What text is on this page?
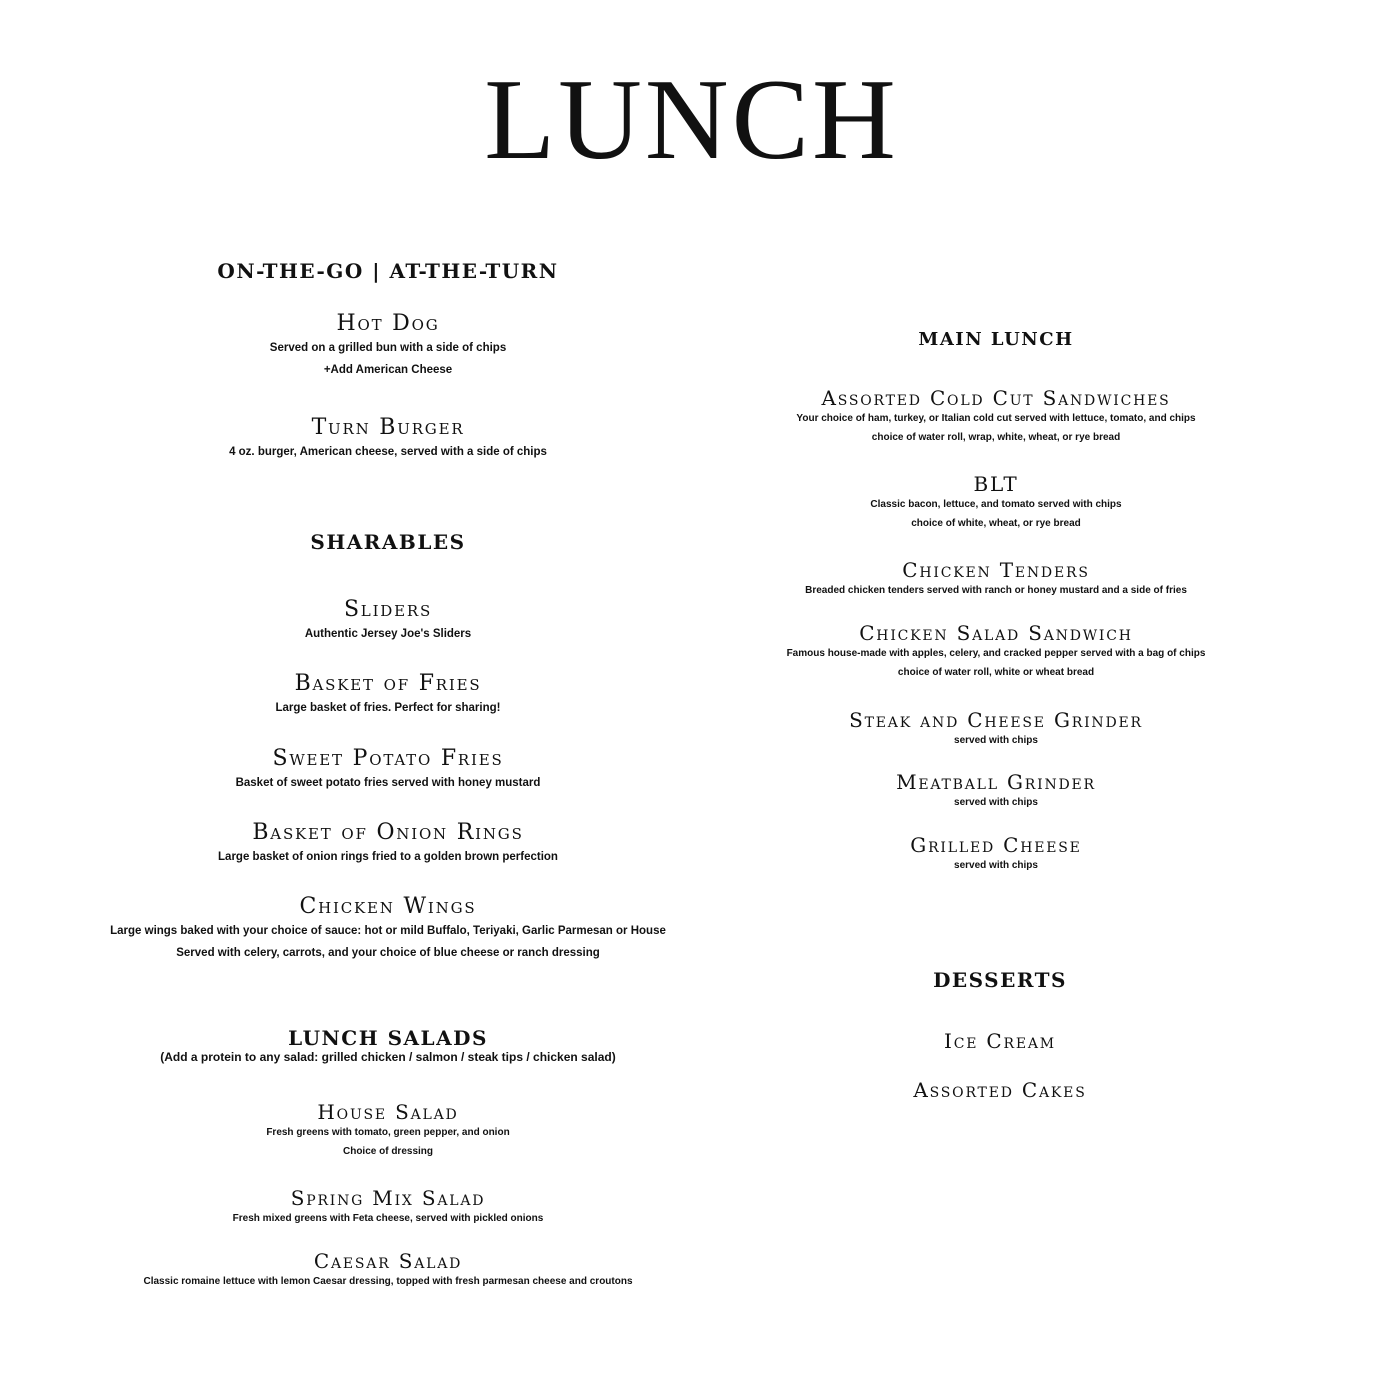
LUNCH
ON-THE-GO | AT-THE-TURN
Hot Dog
Served on a grilled bun with a side of chips
+Add American Cheese
Turn Burger
4 oz. burger, American cheese, served with a side of chips
SHARABLES
Sliders
Authentic Jersey Joe's Sliders
Basket of Fries
Large basket of fries. Perfect for sharing!
Sweet Potato Fries
Basket of sweet potato fries served with honey mustard
Basket of Onion Rings
Large basket of onion rings fried to a golden brown perfection
Chicken Wings
Large wings baked with your choice of sauce: hot or mild Buffalo, Teriyaki, Garlic Parmesan or House
Served with celery, carrots, and your choice of blue cheese or ranch dressing
LUNCH SALADS
(Add a protein to any salad: grilled chicken / salmon / steak tips / chicken salad)
House Salad
Fresh greens with tomato, green pepper, and onion
Choice of dressing
Spring Mix Salad
Fresh mixed greens with Feta cheese, served with pickled onions
Caesar Salad
Classic romaine lettuce with lemon Caesar dressing, topped with fresh parmesan cheese and croutons
MAIN LUNCH
Assorted Cold Cut Sandwiches
Your choice of ham, turkey, or Italian cold cut served with lettuce, tomato, and chips
choice of water roll, wrap, white, wheat, or rye bread
BLT
Classic bacon, lettuce, and tomato served with chips
choice of white, wheat, or rye bread
Chicken Tenders
Breaded chicken tenders served with ranch or honey mustard and a side of fries
Chicken Salad Sandwich
Famous house-made with apples, celery, and cracked pepper served with a bag of chips
choice of water roll, white or wheat bread
Steak and Cheese Grinder
served with chips
Meatball Grinder
served with chips
Grilled Cheese
served with chips
DESSERTS
Ice Cream
Assorted Cakes
